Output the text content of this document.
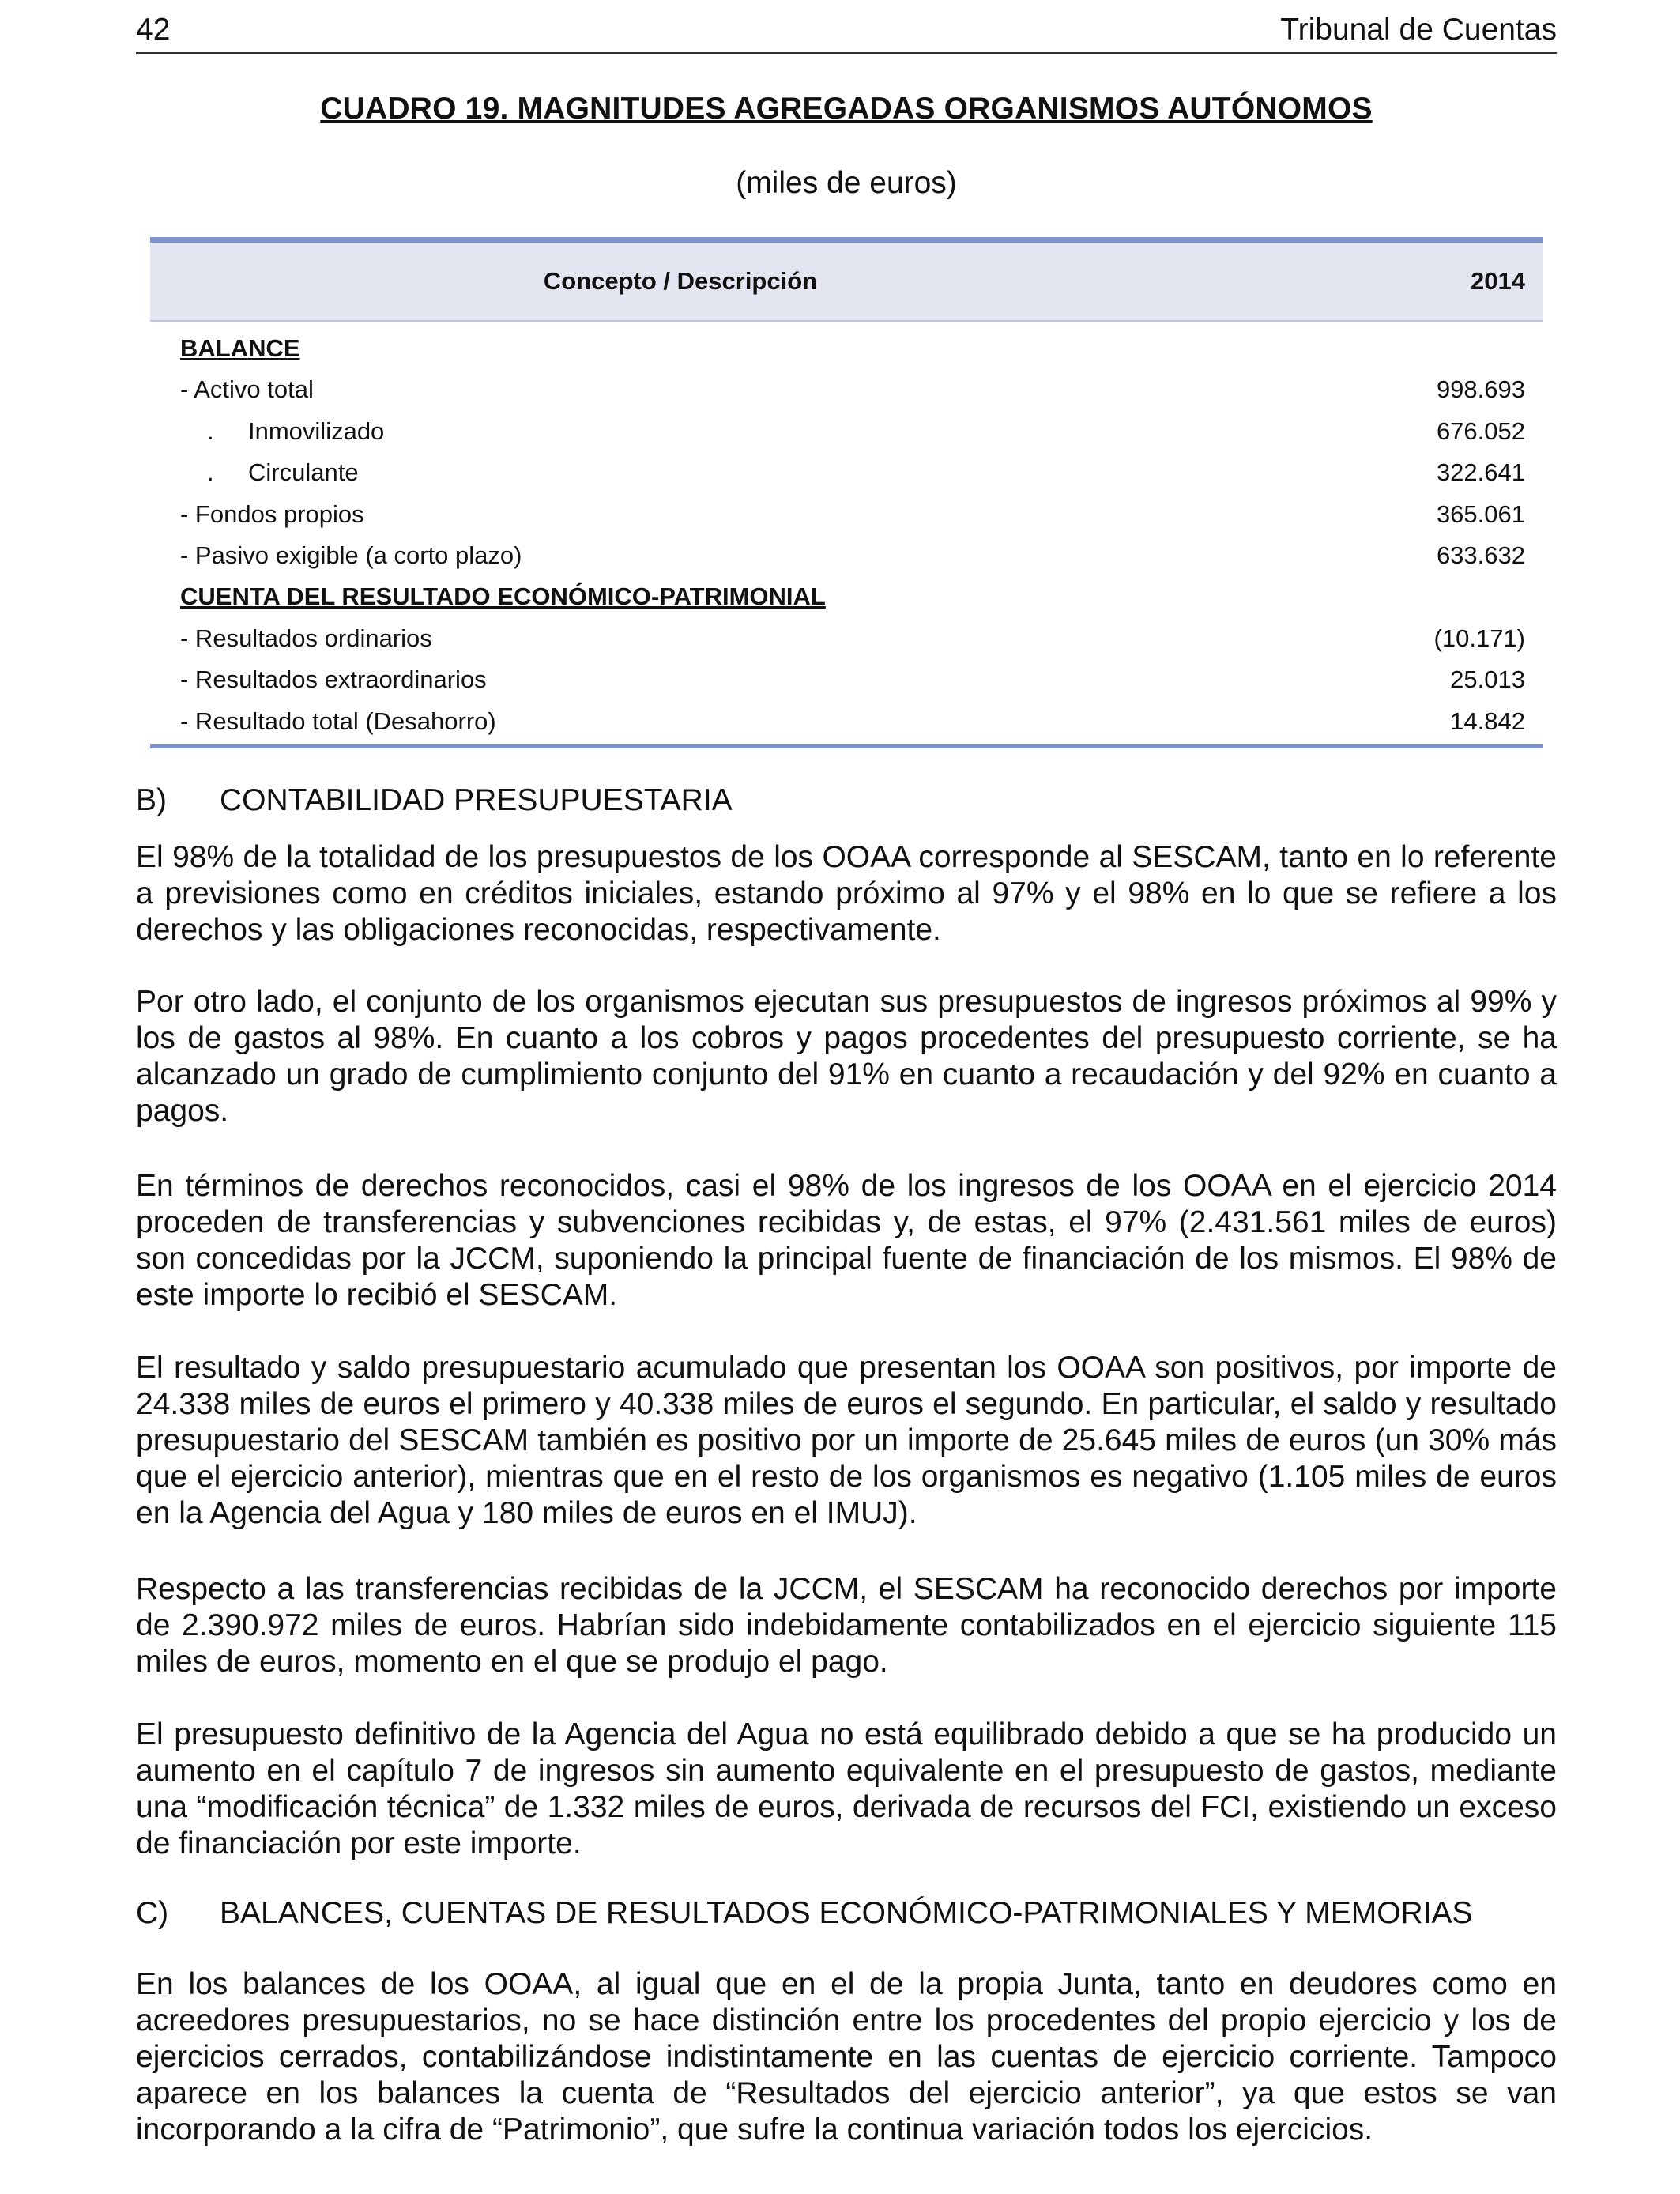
42	Tribunal de Cuentas
CUADRO 19. MAGNITUDES AGREGADAS ORGANISMOS AUTÓNOMOS
(miles de euros)
Concepto / Descripción	2014
BALANCE
- Activo total	998.693
. Inmovilizado	676.052
. Circulante	322.641
- Fondos propios	365.061
- Pasivo exigible (a corto plazo)	633.632
CUENTA DEL RESULTADO ECONÓMICO-PATRIMONIAL
- Resultados ordinarios	(10.171)
- Resultados extraordinarios	25.013
- Resultado total (Desahorro)	14.842
B) CONTABILIDAD PRESUPUESTARIA

El 98% de la totalidad de los presupuestos de los OOAA corresponde al SESCAM, tanto en lo referente a previsiones como en créditos iniciales, estando próximo al 97% y el 98% en lo que se refiere a los derechos y las obligaciones reconocidas, respectivamente.

Por otro lado, el conjunto de los organismos ejecutan sus presupuestos de ingresos próximos al 99% y los de gastos al 98%. En cuanto a los cobros y pagos procedentes del presupuesto corriente, se ha alcanzado un grado de cumplimiento conjunto del 91% en cuanto a recaudación y del 92% en cuanto a pagos.

En términos de derechos reconocidos, casi el 98% de los ingresos de los OOAA en el ejercicio 2014 proceden de transferencias y subvenciones recibidas y, de estas, el 97% (2.431.561 miles de euros) son concedidas por la JCCM, suponiendo la principal fuente de financiación de los mismos. El 98% de este importe lo recibió el SESCAM.

El resultado y saldo presupuestario acumulado que presentan los OOAA son positivos, por importe de 24.338 miles de euros el primero y 40.338 miles de euros el segundo. En particular, el saldo y resultado presupuestario del SESCAM también es positivo por un importe de 25.645 miles de euros (un 30% más que el ejercicio anterior), mientras que en el resto de los organismos es negativo (1.105 miles de euros en la Agencia del Agua y 180 miles de euros en el IMUJ).

Respecto a las transferencias recibidas de la JCCM, el SESCAM ha reconocido derechos por importe de 2.390.972 miles de euros. Habrían sido indebidamente contabilizados en el ejercicio siguiente 115 miles de euros, momento en el que se produjo el pago.

El presupuesto definitivo de la Agencia del Agua no está equilibrado debido a que se ha producido un aumento en el capítulo 7 de ingresos sin aumento equivalente en el presupuesto de gastos, mediante una “modificación técnica” de 1.332 miles de euros, derivada de recursos del FCI, existiendo un exceso de financiación por este importe.

C) BALANCES, CUENTAS DE RESULTADOS ECONÓMICO-PATRIMONIALES Y MEMORIAS

En los balances de los OOAA, al igual que en el de la propia Junta, tanto en deudores como en acreedores presupuestarios, no se hace distinción entre los procedentes del propio ejercicio y los de ejercicios cerrados, contabilizándose indistintamente en las cuentas de ejercicio corriente. Tampoco aparece en los balances la cuenta de “Resultados del ejercicio anterior”, ya que estos se van incorporando a la cifra de “Patrimonio”, que sufre la continua variación todos los ejercicios.
